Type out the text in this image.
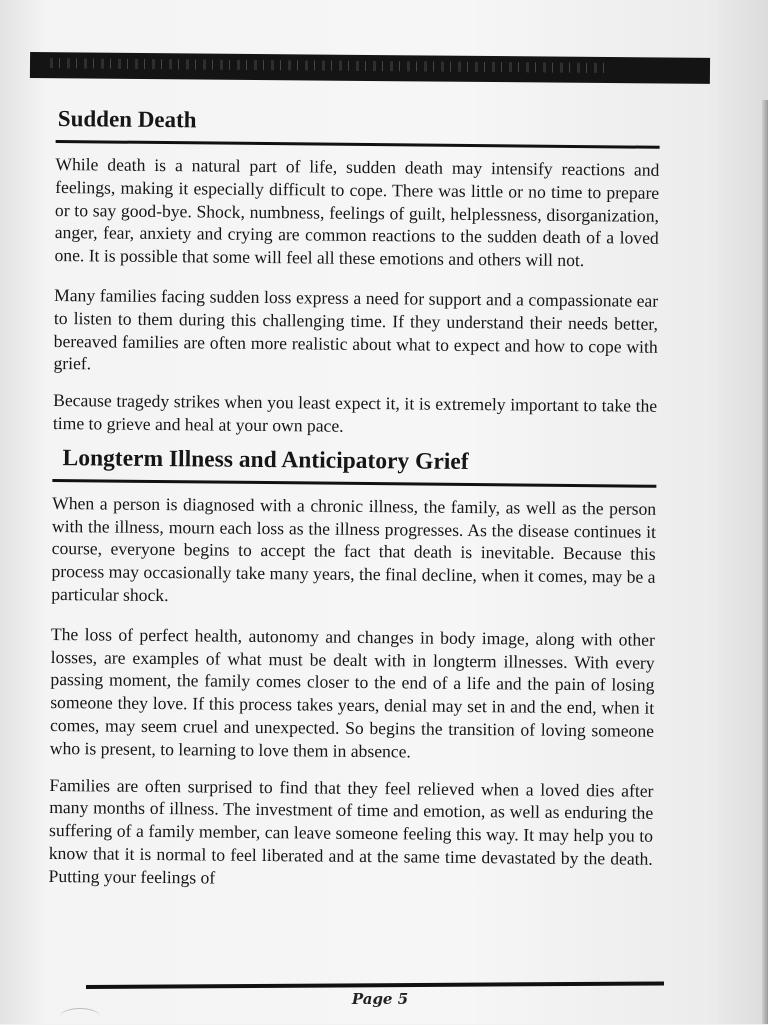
Sudden Death

While death is a natural part of life, sudden death may intensify reactions and feelings, making it especially difficult to cope. There was little or no time to prepare or to say good-bye. Shock, numbness, feelings of guilt, helplessness, disorganization, anger, fear, anxiety and crying are common reactions to the sudden death of a loved one. It is possible that some will feel all these emotions and others will not.

Many families facing sudden loss express a need for support and a compassionate ear to listen to them during this challenging time. If they understand their needs better, bereaved families are often more realistic about what to expect and how to cope with grief.

Because tragedy strikes when you least expect it, it is extremely important to take the time to grieve and heal at your own pace.

Longterm Illness and Anticipatory Grief

When a person is diagnosed with a chronic illness, the family, as well as the person with the illness, mourn each loss as the illness progresses. As the disease continues it course, everyone begins to accept the fact that death is inevitable. Because this process may occasionally take many years, the final decline, when it comes, may be a particular shock.

The loss of perfect health, autonomy and changes in body image, along with other losses, are examples of what must be dealt with in longterm illnesses. With every passing moment, the family comes closer to the end of a life and the pain of losing someone they love. If this process takes years, denial may set in and the end, when it comes, may seem cruel and unexpected. So begins the transition of loving someone who is present, to learning to love them in absence.

Families are often surprised to find that they feel relieved when a loved dies after many months of illness. The investment of time and emotion, as well as enduring the suffering of a family member, can leave someone feeling this way. It may help you to know that it is normal to feel liberated and at the same time devastated by the death. Putting your feelings of

Page 5
